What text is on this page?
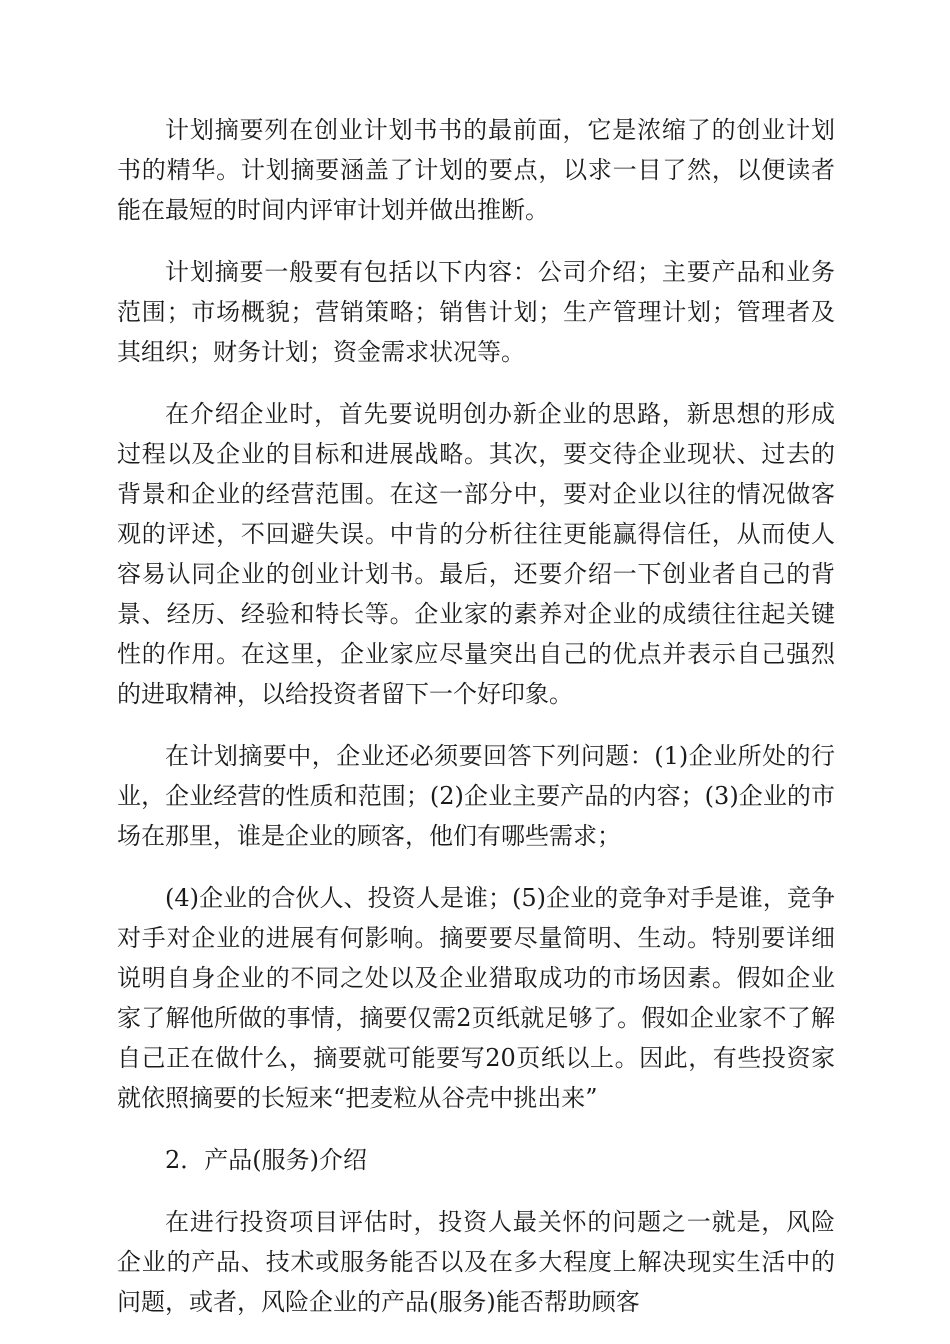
计划摘要列在创业计划书书的最前面，它是浓缩了的创业计划书的精华。计划摘要涵盖了计划的要点，以求一目了然，以便读者能在最短的时间内评审计划并做出推断。

计划摘要一般要有包括以下内容：公司介绍；主要产品和业务范围；市场概貌；营销策略；销售计划；生产管理计划；管理者及其组织；财务计划；资金需求状况等。

在介绍企业时，首先要说明创办新企业的思路，新思想的形成过程以及企业的目标和进展战略。其次，要交待企业现状、过去的背景和企业的经营范围。在这一部分中，要对企业以往的情况做客观的评述，不回避失误。中肯的分析往往更能赢得信任，从而使人容易认同企业的创业计划书。最后，还要介绍一下创业者自己的背景、经历、经验和特长等。企业家的素养对企业的成绩往往起关键性的作用。在这里，企业家应尽量突出自己的优点并表示自己强烈的进取精神，以给投资者留下一个好印象。

在计划摘要中，企业还必须要回答下列问题：(1)企业所处的行业，企业经营的性质和范围；(2)企业主要产品的内容；(3)企业的市场在那里，谁是企业的顾客，他们有哪些需求；

(4)企业的合伙人、投资人是谁；(5)企业的竞争对手是谁，竞争对手对企业的进展有何影响。摘要要尽量简明、生动。特别要详细说明自身企业的不同之处以及企业猎取成功的市场因素。假如企业家了解他所做的事情，摘要仅需2页纸就足够了。假如企业家不了解自己正在做什么，摘要就可能要写20页纸以上。因此，有些投资家就依照摘要的长短来“把麦粒从谷壳中挑出来”

2．产品(服务)介绍

在进行投资项目评估时，投资人最关怀的问题之一就是，风险企业的产品、技术或服务能否以及在多大程度上解决现实生活中的问题，或者，风险企业的产品(服务)能否帮助顾客
